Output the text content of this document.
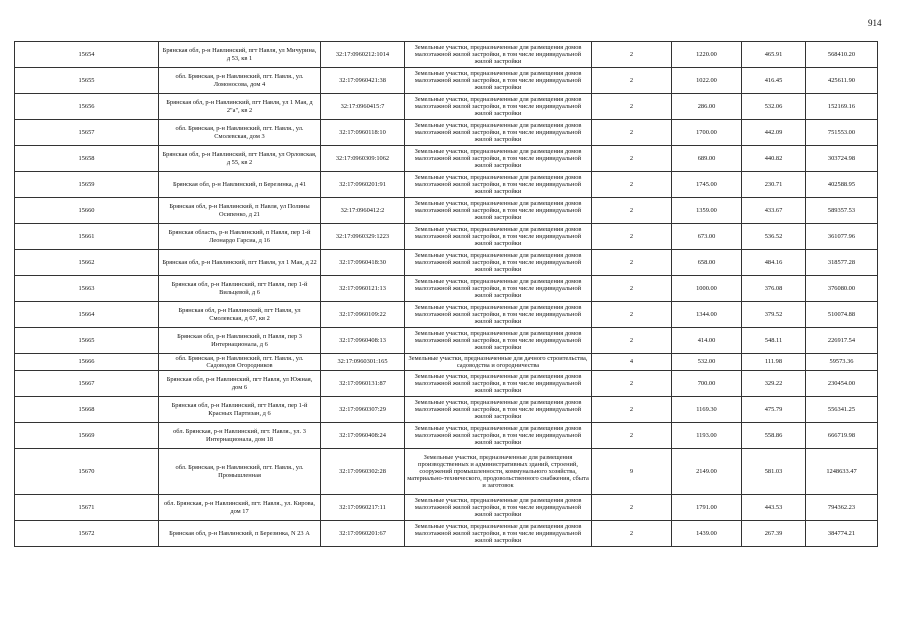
914
15654	Брянская обл, р-н Навлинский, пгт Навля, ул Мичурина, д 53, кв 1	32:17:0960212:1014	Земельные участки, предназначенные для размещения домов малоэтажной жилой застройки, в том числе индивидуальной жилой застройки	2	1220.00	465.91	568410.20
15655	обл. Брянская, р-н Навлинский, пгт. Навля., ул. Ломоносова, дом 4	32:17:0960421:38	Земельные участки, предназначенные для размещения домов малоэтажной жилой застройки, в том числе индивидуальной жилой застройки	2	1022.00	416.45	425611.90
15656	Брянская обл, р-н Навлинский, пгт Навля, ул 1 Мая, д 2"а", кв 2	32:17:0960415:7	Земельные участки, предназначенные для размещения домов малоэтажной жилой застройки, в том числе индивидуальной жилой застройки	2	286.00	532.06	152169.16
15657	обл. Брянская, р-н Навлинский, пгт. Навля., ул. Смолевская, дом 3	32:17:0960118:10	Земельные участки, предназначенные для размещения домов малоэтажной жилой застройки, в том числе индивидуальной жилой застройки	2	1700.00	442.09	751553.00
15658	Брянская обл, р-н Навлинский, пгт Навля, ул Орловская, д 55, кв 2	32:17:0960309:1062	Земельные участки, предназначенные для размещения домов малоэтажной жилой застройки, в том числе индивидуальной жилой застройки	2	689.00	440.82	303724.98
15659	Брянская обл, р-н Навлинский, п Березинка, д 41	32:17:0960201:91	Земельные участки, предназначенные для размещения домов малоэтажной жилой застройки, в том числе индивидуальной жилой застройки	2	1745.00	230.71	402588.95
15660	Брянская обл, р-н Навлинский, п Навля, ул Полины Осипенко, д 21	32:17:0960412:2	Земельные участки, предназначенные для размещения домов малоэтажной жилой застройки, в том числе индивидуальной жилой застройки	2	1359.00	433.67	589357.53
15661	Брянская область, р-н Навлинский, п Навля, пер 1-й Леонардо Гарсиа, д 16	32:17:0960329:1223	Земельные участки, предназначенные для размещения домов малоэтажной жилой застройки, в том числе индивидуальной жилой застройки	2	673.00	536.52	361077.96
15662	Брянская обл, р-н Навлинский, пгт Навля, ул 1 Мая, д 22	32:17:0960418:30	Земельные участки, предназначенные для размещения домов малоэтажной жилой застройки, в том числе индивидуальной жилой застройки	2	658.00	484.16	318577.28
15663	Брянская обл, р-н Навлинский, пгт Навля, пер 1-й Вильцевой, д 6	32:17:0960121:13	Земельные участки, предназначенные для размещения домов малоэтажной жилой застройки, в том числе индивидуальной жилой застройки	2	1000.00	376.08	376080.00
15664	Брянская обл, р-н Навлинский, пгт Навля, ул Смолевская, д 67, кв 2	32:17:0960109:22	Земельные участки, предназначенные для размещения домов малоэтажной жилой застройки, в том числе индивидуальной жилой застройки	2	1344.00	379.52	510074.88
15665	Брянская обл, р-н Навлинский, п Навля, пер 3 Интернационала, д 6	32:17:0960408:13	Земельные участки, предназначенные для размещения домов малоэтажной жилой застройки, в том числе индивидуальной жилой застройки	2	414.00	548.11	226917.54
15666	обл. Брянская, р-н Навлинский, пгт. Навля., ул. Садоводов Огородников	32:17:0960301:165	Земельные участки, предназначенные для дачного строительства, садоводства и огородничества	4	532.00	111.98	59573.36
15667	Брянская обл, р-н Навлинский, пгт Навля, ул Южная, дом 6	32:17:0960131:87	Земельные участки, предназначенные для размещения домов малоэтажной жилой застройки, в том числе индивидуальной жилой застройки	2	700.00	329.22	230454.00
15668	Брянская обл, р-н Навлинский, пгт Навля, пер 1-й Красных Партизан, д 6	32:17:0960307:29	Земельные участки, предназначенные для размещения домов малоэтажной жилой застройки, в том числе индивидуальной жилой застройки	2	1169.30	475.79	556341.25
15669	обл. Брянская, р-н Навлинский, пгт. Навля., ул. 3 Интернационала, дом 18	32:17:0960408:24	Земельные участки, предназначенные для размещения домов малоэтажной жилой застройки, в том числе индивидуальной жилой застройки	2	1193.00	558.86	666719.98
15670	обл. Брянская, р-н Навлинский, пгт. Навля., ул. Промышленная	32:17:0960302:28	Земельные участки, предназначенные для размещения производственных и административных зданий, строений, сооружений промышленности, коммунального хозяйства, материально-технического, продовольственного снабжения, сбыта и заготовок	9	2149.00	581.03	1248633.47
15671	обл. Брянская, р-н Навлинский, пгт. Навля., ул. Кирова, дом 17	32:17:0960217:11	Земельные участки, предназначенные для размещения домов малоэтажной жилой застройки, в том числе индивидуальной жилой застройки	2	1791.00	443.53	794362.23
15672	Брянская обл, р-н Навлинский, п Березинка, N 23 А	32:17:0960201:67	Земельные участки, предназначенные для размещения домов малоэтажной жилой застройки, в том числе индивидуальной жилой застройки	2	1439.00	267.39	384774.21
